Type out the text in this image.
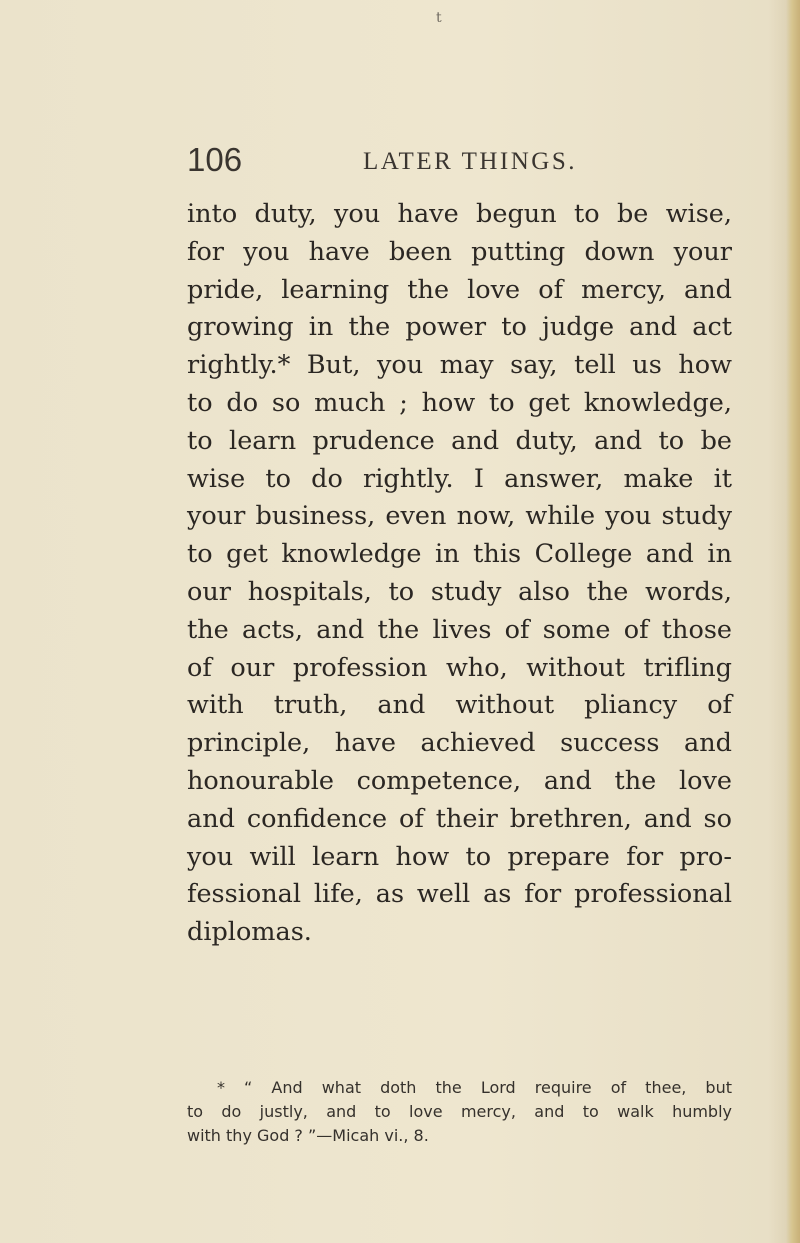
t
106	LATER THINGS.
into duty, you have begun to be wise,
for you have been putting down your
pride, learning the love of mercy, and
growing in the power to judge and act
rightly.* But, you may say, tell us how
to do so much ; how to get knowledge,
to learn prudence and duty, and to be
wise to do rightly. I answer, make it
your business, even now, while you study
to get knowledge in this College and in
our hospitals, to study also the words,
the acts, and the lives of some of those
of our profession who, without trifling
with truth, and without pliancy of
principle, have achieved success and
honourable competence, and the love
and confidence of their brethren, and so
you will learn how to prepare for pro-
fessional life, as well as for professional
diplomas.
* “ And what doth the Lord require of thee, but
to do justly, and to love mercy, and to walk humbly
with thy God ? ”—Micah vi., 8.
